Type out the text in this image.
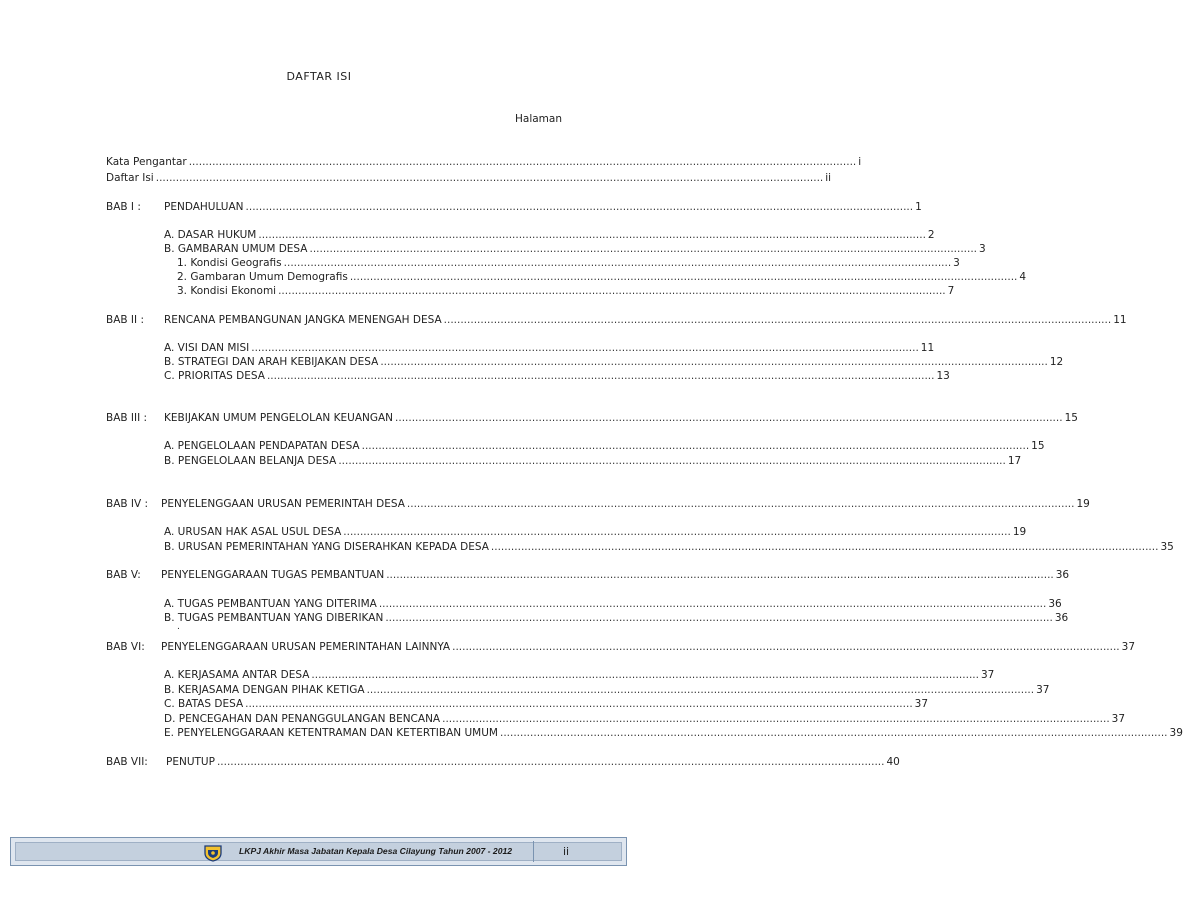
DAFTAR ISI
Halaman
Kata Pengantar ........................................................................................................................................................................................................ i
Daftar Isi ........................................................................................................................................................................................................ ii
BAB I : PENDAHULUAN ........................................................................................................................................................................................................ 1
A. DASAR HUKUM ........................................................................................................................................................................................................ 2
B. GAMBARAN UMUM DESA ........................................................................................................................................................................................................ 3
1. Kondisi Geografis ........................................................................................................................................................................................................ 3
2. Gambaran Umum Demografis ........................................................................................................................................................................................................ 4
3. Kondisi Ekonomi ........................................................................................................................................................................................................ 7
BAB II : RENCANA PEMBANGUNAN JANGKA MENENGAH DESA ........................................................................................................................................................................................................ 11
A. VISI DAN MISI ........................................................................................................................................................................................................ 11
B. STRATEGI DAN ARAH KEBIJAKAN DESA ........................................................................................................................................................................................................ 12
C. PRIORITAS DESA ........................................................................................................................................................................................................ 13
BAB III : KEBIJAKAN UMUM PENGELOLAN KEUANGAN ........................................................................................................................................................................................................ 15
A. PENGELOLAAN PENDAPATAN DESA ........................................................................................................................................................................................................ 15
B. PENGELOLAAN BELANJA DESA ........................................................................................................................................................................................................ 17
BAB IV : PENYELENGGAAN URUSAN PEMERINTAH DESA ........................................................................................................................................................................................................ 19
A. URUSAN HAK ASAL USUL DESA ........................................................................................................................................................................................................ 19
B. URUSAN PEMERINTAHAN YANG DISERAHKAN KEPADA DESA ........................................................................................................................................................................................................ 35
BAB V: PENYELENGGARAAN TUGAS PEMBANTUAN ........................................................................................................................................................................................................ 36
A. TUGAS PEMBANTUAN YANG DITERIMA ........................................................................................................................................................................................................ 36
B. TUGAS PEMBANTUAN YANG DIBERIKAN ........................................................................................................................................................................................................ 36
.
BAB VI: PENYELENGGARAAN URUSAN PEMERINTAHAN LAINNYA ........................................................................................................................................................................................................ 37
A. KERJASAMA ANTAR DESA ........................................................................................................................................................................................................ 37
B. KERJASAMA DENGAN PIHAK KETIGA ........................................................................................................................................................................................................ 37
C. BATAS DESA ........................................................................................................................................................................................................ 37
D. PENCEGAHAN DAN PENANGGULANGAN BENCANA ........................................................................................................................................................................................................ 37
E. PENYELENGGARAAN KETENTRAMAN DAN KETERTIBAN UMUM ........................................................................................................................................................................................................ 39
BAB VII: PENUTUP ........................................................................................................................................................................................................ 40
LKPJ Akhir Masa Jabatan Kepala Desa Cilayung Tahun 2007 - 2012	ii
